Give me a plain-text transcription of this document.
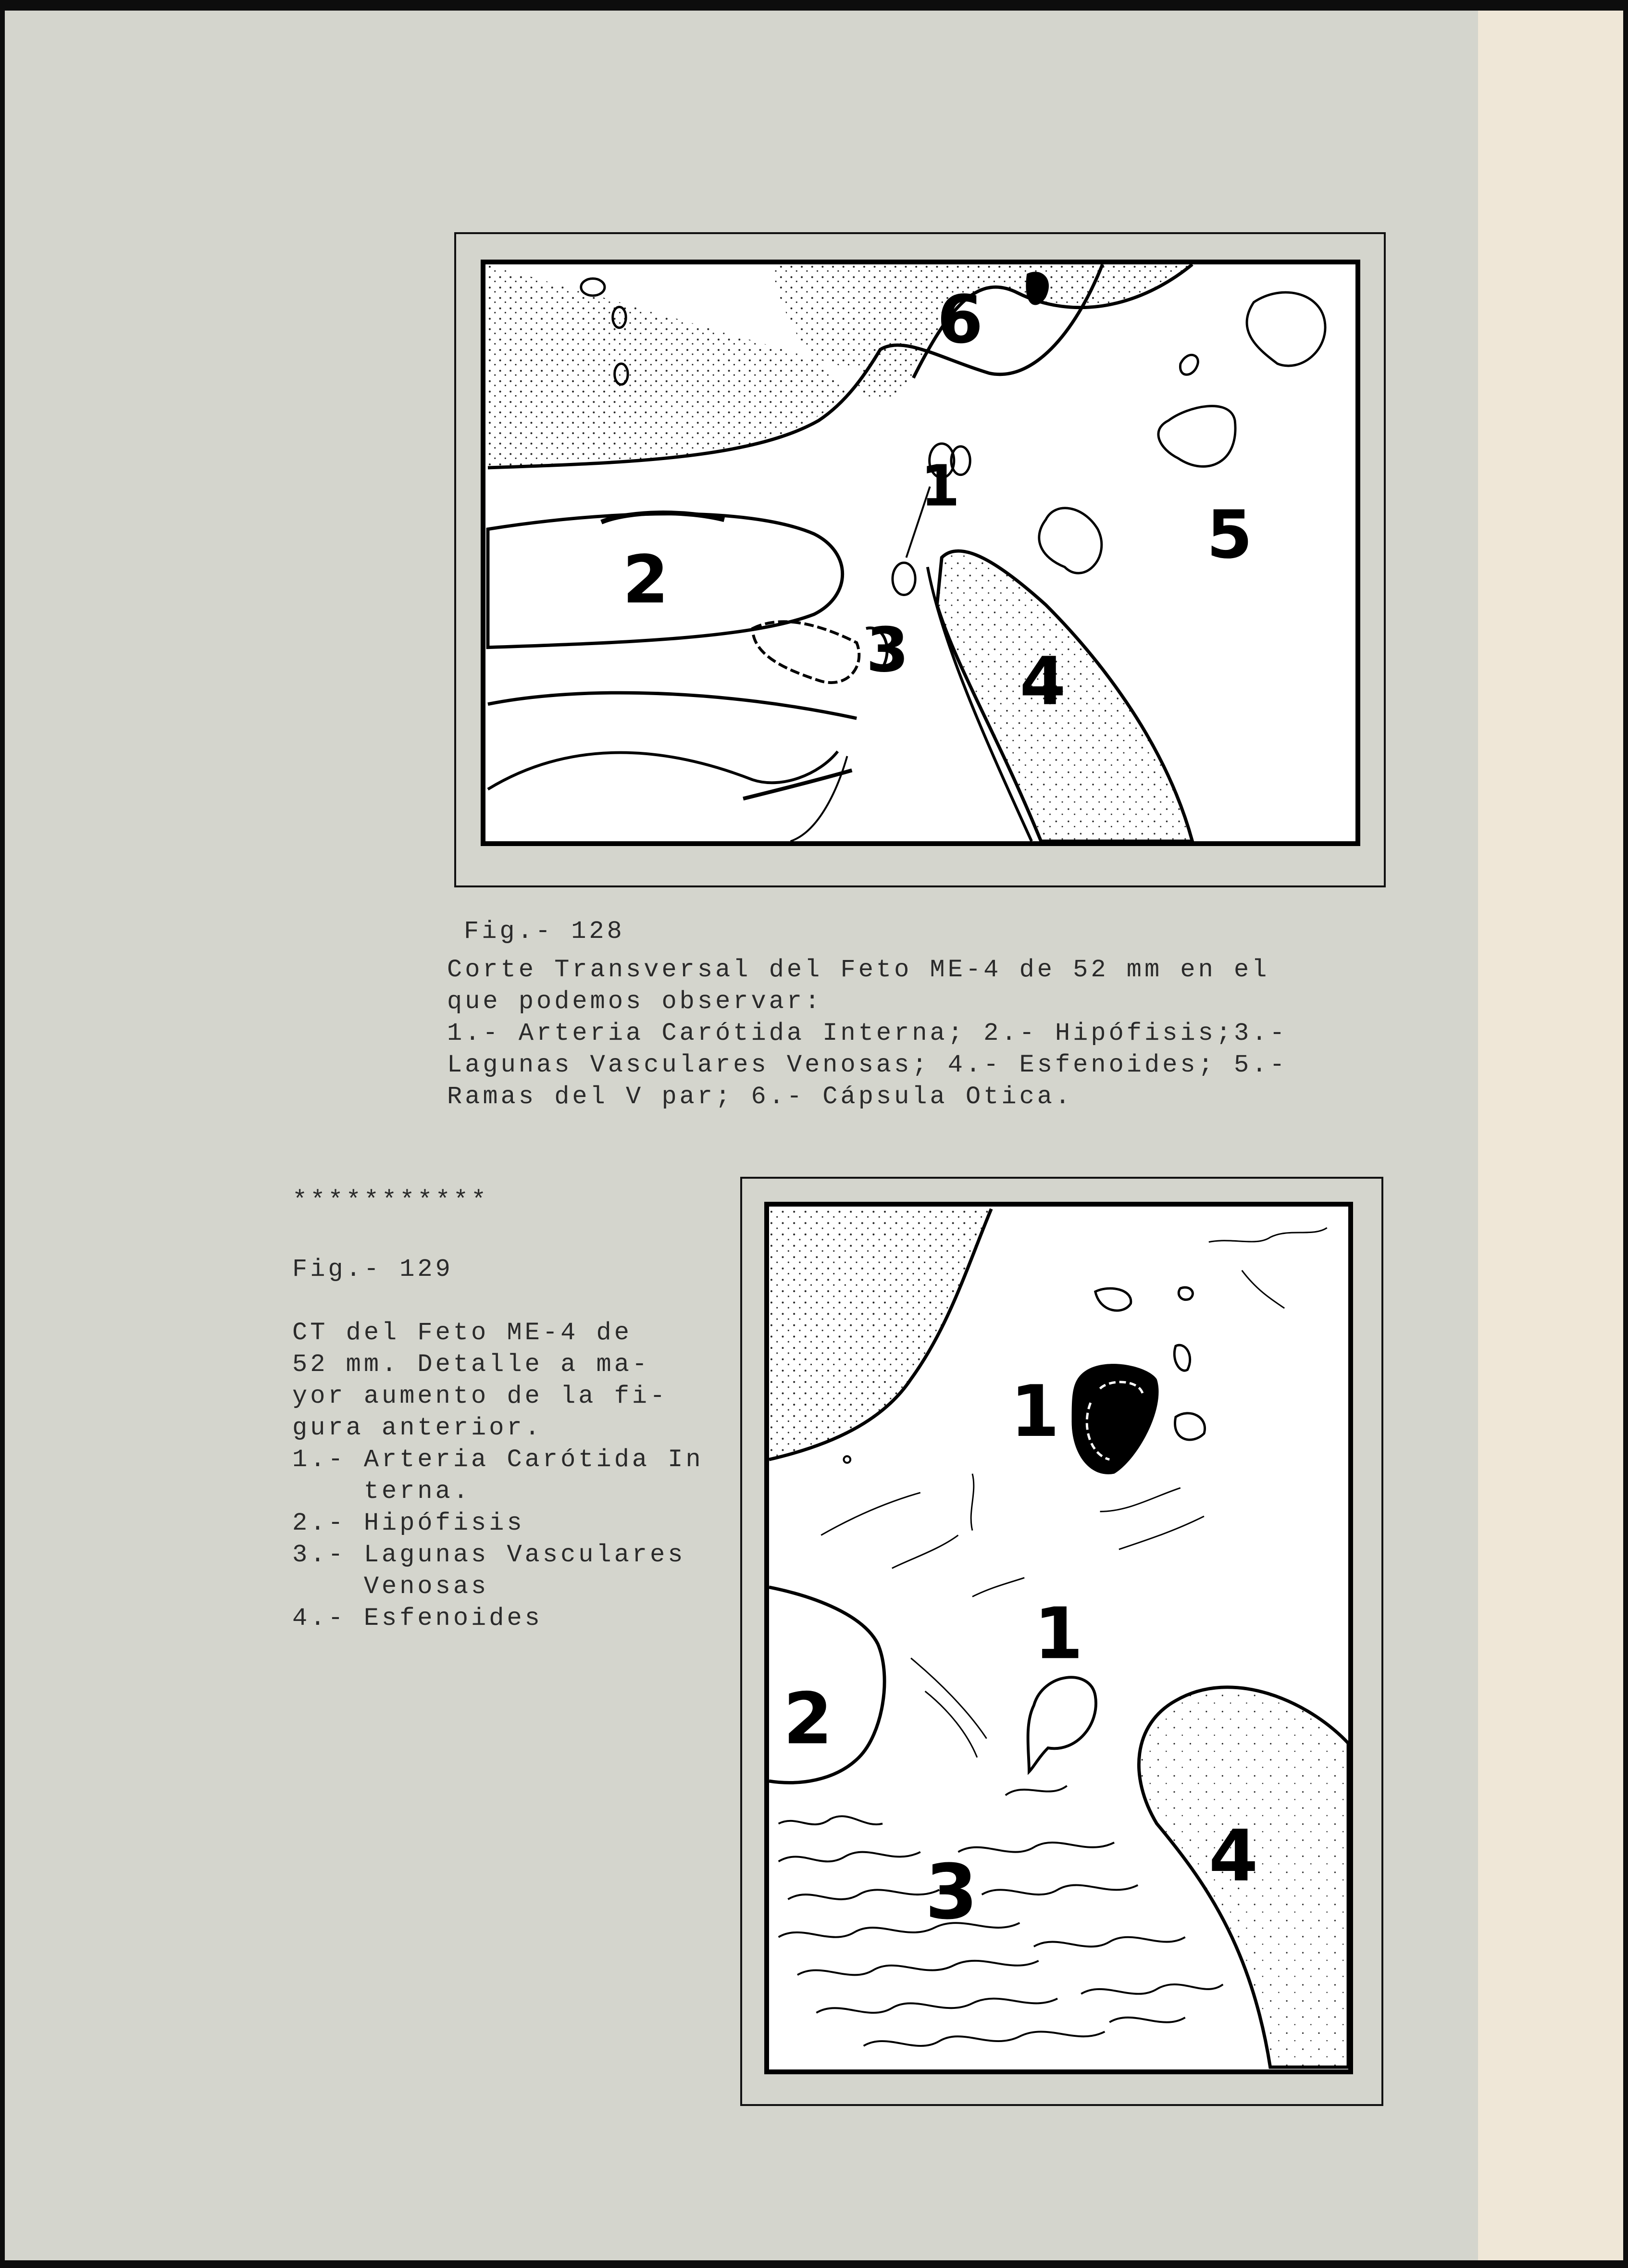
1
2
3 4
5
6
Fig.- 128
Corte Transversal del Feto ME-4 de 52 mm en el
que podemos observar:
1.- Arteria Carótida Interna; 2.- Hipófisis;3.-
Lagunas Vasculares Venosas; 4.- Esfenoides; 5.-
Ramas del V par; 6.- Cápsula Otica.
***********
Fig.- 129
CT del Feto ME-4 de
52 mm. Detalle a ma-
yor aumento de la fi-
gura anterior.
1.- Arteria Carótida In
terna.
2.- Hipófisis
3.- Lagunas Vasculares
Venosas
4.- Esfenoides
1
1
2
3	4
